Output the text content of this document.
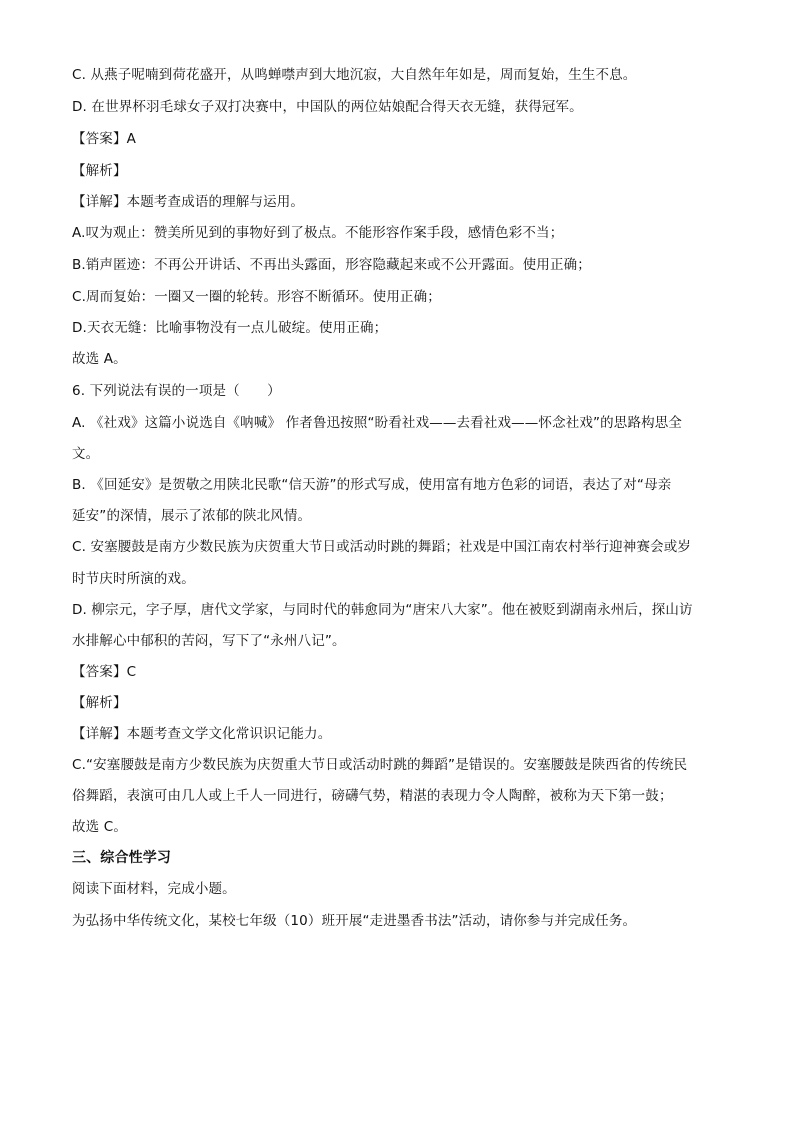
C. 从燕子呢喃到荷花盛开，从鸣蝉噤声到大地沉寂，大自然年年如是，周而复始，生生不息。
D. 在世界杯羽毛球女子双打决赛中，中国队的两位姑娘配合得天衣无缝，获得冠军。
【答案】A
【解析】
【详解】本题考查成语的理解与运用。
A.叹为观止：赞美所见到的事物好到了极点。不能形容作案手段，感情色彩不当；
B.销声匿迹：不再公开讲话、不再出头露面，形容隐藏起来或不公开露面。使用正确；
C.周而复始：一圈又一圈的轮转。形容不断循环。使用正确；
D.天衣无缝：比喻事物没有一点儿破绽。使用正确；
故选 A。
6. 下列说法有误的一项是（　　）
A. 《社戏》这篇小说选自《呐喊》 作者鲁迅按照“盼看社戏——去看社戏——怀念社戏”的思路构思全
文。
B. 《回延安》是贺敬之用陕北民歌“信天游”的形式写成，使用富有地方色彩的词语，表达了对“母亲
延安”的深情，展示了浓郁的陕北风情。
C. 安塞腰鼓是南方少数民族为庆贺重大节日或活动时跳的舞蹈；社戏是中国江南农村举行迎神赛会或岁
时节庆时所演的戏。
D. 柳宗元，字子厚，唐代文学家，与同时代的韩愈同为“唐宋八大家”。他在被贬到湖南永州后，探山访
水排解心中郁积的苦闷，写下了“永州八记”。
【答案】C
【解析】
【详解】本题考查文学文化常识识记能力。
C.“安塞腰鼓是南方少数民族为庆贺重大节日或活动时跳的舞蹈”是错误的。安塞腰鼓是陕西省的传统民
俗舞蹈，表演可由几人或上千人一同进行，磅礴气势，精湛的表现力令人陶醉，被称为天下第一鼓；
故选 C。
三、综合性学习
阅读下面材料，完成小题。
为弘扬中华传统文化，某校七年级（10）班开展“走进墨香书法”活动，请你参与并完成任务。
